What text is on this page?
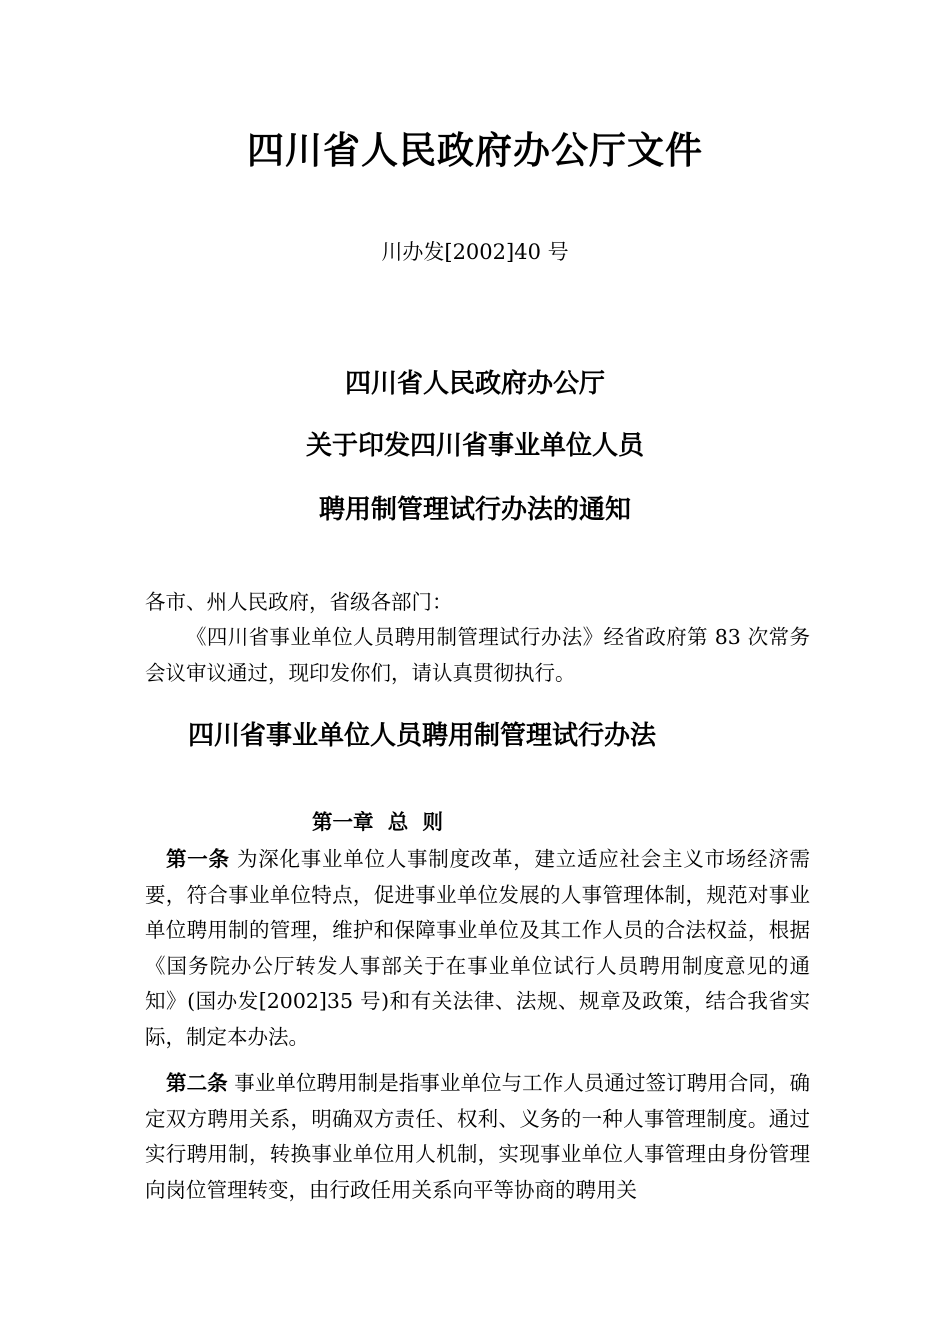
四川省人民政府办公厅文件
川办发[2002]40 号
四川省人民政府办公厅
关于印发四川省事业单位人员
聘用制管理试行办法的通知
各市、州人民政府，省级各部门：
《四川省事业单位人员聘用制管理试行办法》经省政府第 83 次常务会议审议通过，现印发你们，请认真贯彻执行。
四川省事业单位人员聘用制管理试行办法
第一章  总  则
第一条 为深化事业单位人事制度改革，建立适应社会主义市场经济需要，符合事业单位特点，促进事业单位发展的人事管理体制，规范对事业单位聘用制的管理，维护和保障事业单位及其工作人员的合法权益，根据《国务院办公厅转发人事部关于在事业单位试行人员聘用制度意见的通知》(国办发[2002]35 号)和有关法律、法规、规章及政策，结合我省实际，制定本办法。
第二条 事业单位聘用制是指事业单位与工作人员通过签订聘用合同，确定双方聘用关系，明确双方责任、权利、义务的一种人事管理制度。通过实行聘用制，转换事业单位用人机制，实现事业单位人事管理由身份管理向岗位管理转变，由行政任用关系向平等协商的聘用关
